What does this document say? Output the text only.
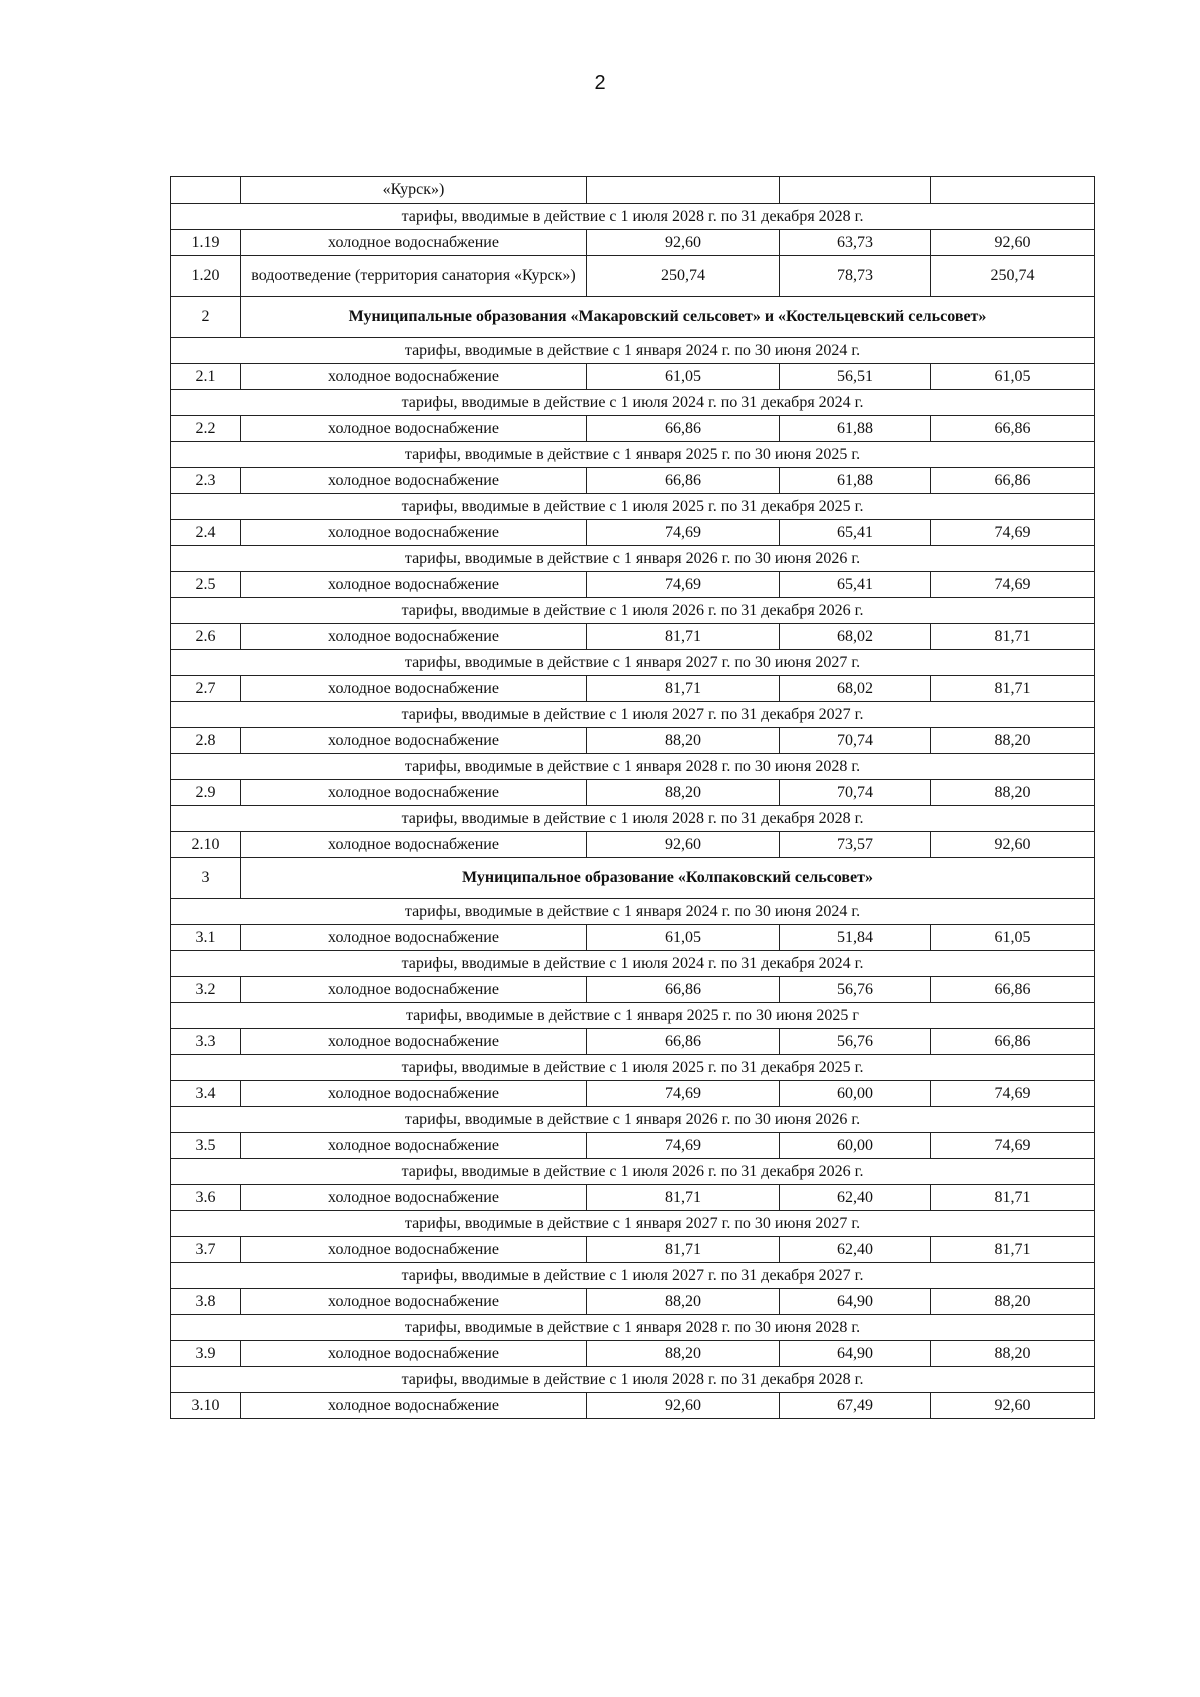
2
	«Курск»)			
тарифы, вводимые в действие с 1 июля 2028 г. по 31 декабря 2028 г.				
1.19	холодное водоснабжение	92,60	63,73	92,60
1.20	водоотведение (территория санатория «Курск»)	250,74	78,73	250,74
2	Муниципальные образования «Макаровский сельсовет» и «Костельцевский сельсовет»			
тарифы, вводимые в действие с 1 января 2024 г. по 30 июня 2024 г.				
2.1	холодное водоснабжение	61,05	56,51	61,05
тарифы, вводимые в действие с 1 июля 2024 г. по 31 декабря 2024 г.				
2.2	холодное водоснабжение	66,86	61,88	66,86
тарифы, вводимые в действие с 1 января 2025 г. по 30 июня 2025 г.				
2.3	холодное водоснабжение	66,86	61,88	66,86
тарифы, вводимые в действие с 1 июля 2025 г. по 31 декабря 2025 г.				
2.4	холодное водоснабжение	74,69	65,41	74,69
тарифы, вводимые в действие с 1 января 2026 г. по 30 июня 2026 г.				
2.5	холодное водоснабжение	74,69	65,41	74,69
тарифы, вводимые в действие с 1 июля 2026 г. по 31 декабря 2026 г.				
2.6	холодное водоснабжение	81,71	68,02	81,71
тарифы, вводимые в действие с 1 января 2027 г. по 30 июня 2027 г.				
2.7	холодное водоснабжение	81,71	68,02	81,71
тарифы, вводимые в действие с 1 июля 2027 г. по 31 декабря 2027 г.				
2.8	холодное водоснабжение	88,20	70,74	88,20
тарифы, вводимые в действие с 1 января 2028 г. по 30 июня 2028 г.				
2.9	холодное водоснабжение	88,20	70,74	88,20
тарифы, вводимые в действие с 1 июля 2028 г. по 31 декабря 2028 г.				
2.10	холодное водоснабжение	92,60	73,57	92,60
3	Муниципальное образование «Колпаковский сельсовет»			
тарифы, вводимые в действие с 1 января 2024 г. по 30 июня 2024 г.				
3.1	холодное водоснабжение	61,05	51,84	61,05
тарифы, вводимые в действие с 1 июля 2024 г. по 31 декабря 2024 г.				
3.2	холодное водоснабжение	66,86	56,76	66,86
тарифы, вводимые в действие с 1 января 2025 г. по 30 июня 2025 г				
3.3	холодное водоснабжение	66,86	56,76	66,86
тарифы, вводимые в действие с 1 июля 2025 г. по 31 декабря 2025 г.				
3.4	холодное водоснабжение	74,69	60,00	74,69
тарифы, вводимые в действие с 1 января 2026 г. по 30 июня 2026 г.				
3.5	холодное водоснабжение	74,69	60,00	74,69
тарифы, вводимые в действие с 1 июля 2026 г. по 31 декабря 2026 г.				
3.6	холодное водоснабжение	81,71	62,40	81,71
тарифы, вводимые в действие с 1 января 2027 г. по 30 июня 2027 г.				
3.7	холодное водоснабжение	81,71	62,40	81,71
тарифы, вводимые в действие с 1 июля 2027 г. по 31 декабря 2027 г.				
3.8	холодное водоснабжение	88,20	64,90	88,20
тарифы, вводимые в действие с 1 января 2028 г. по 30 июня 2028 г.				
3.9	холодное водоснабжение	88,20	64,90	88,20
тарифы, вводимые в действие с 1 июля 2028 г. по 31 декабря 2028 г.				
3.10	холодное водоснабжение	92,60	67,49	92,60
